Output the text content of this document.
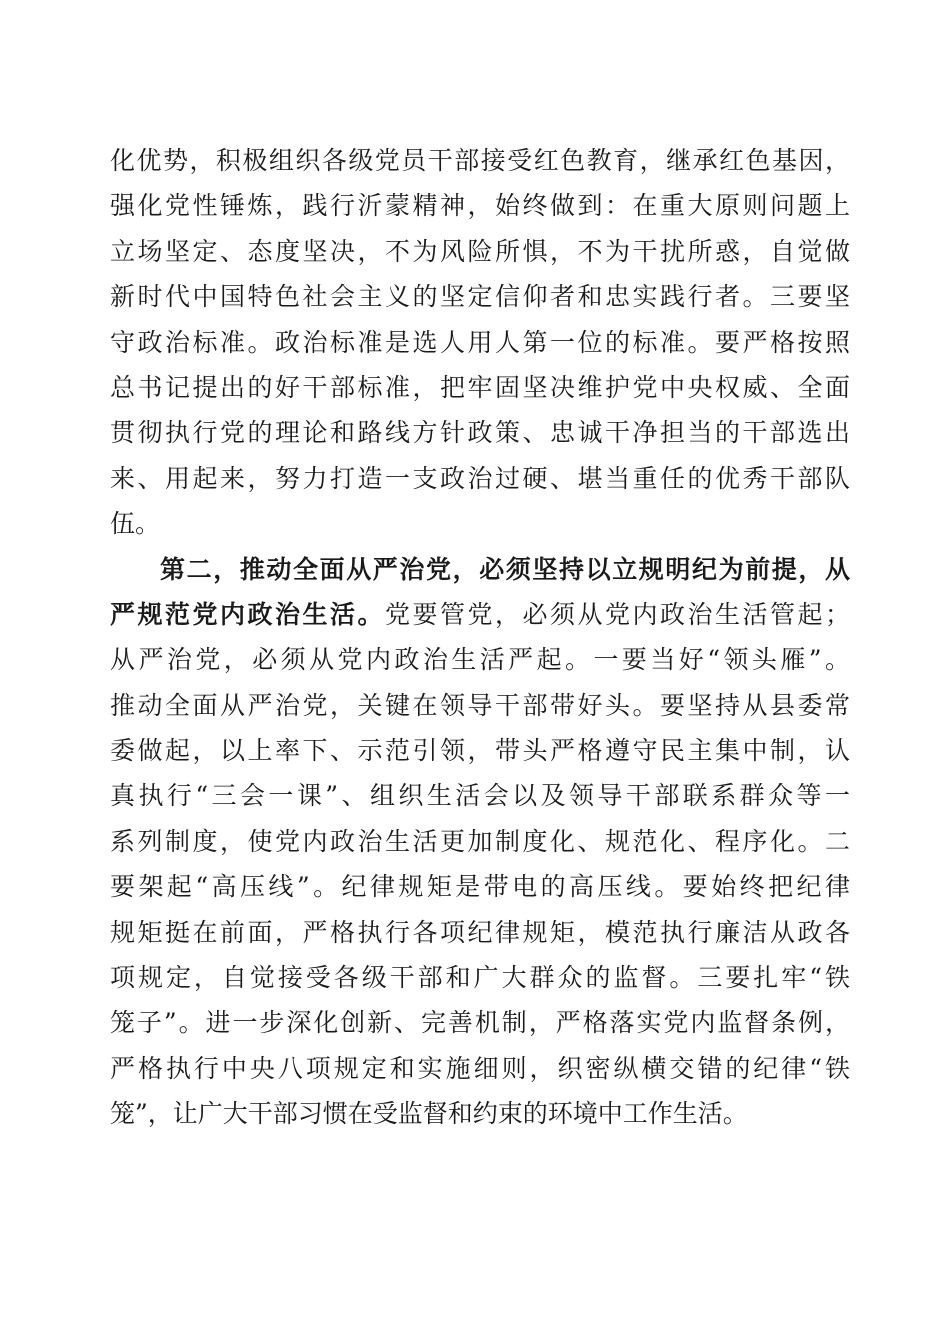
化优势，积极组织各级党员干部接受红色教育，继承红色基因，
强化党性锤炼，践行沂蒙精神，始终做到：在重大原则问题上
立场坚定、态度坚决，不为风险所惧，不为干扰所惑，自觉做
新时代中国特色社会主义的坚定信仰者和忠实践行者。三要坚
守政治标准。政治标准是选人用人第一位的标准。要严格按照
总书记提出的好干部标准，把牢固坚决维护党中央权威、全面
贯彻执行党的理论和路线方针政策、忠诚干净担当的干部选出
来、用起来，努力打造一支政治过硬、堪当重任的优秀干部队
伍。
第二，推动全面从严治党，必须坚持以立规明纪为前提，从
严规范党内政治生活。党要管党，必须从党内政治生活管起；
从严治党，必须从党内政治生活严起。一要当好“领头雁”。
推动全面从严治党，关键在领导干部带好头。要坚持从县委常
委做起，以上率下、示范引领，带头严格遵守民主集中制，认
真执行“三会一课”、组织生活会以及领导干部联系群众等一
系列制度，使党内政治生活更加制度化、规范化、程序化。二
要架起“高压线”。纪律规矩是带电的高压线。要始终把纪律
规矩挺在前面，严格执行各项纪律规矩，模范执行廉洁从政各
项规定，自觉接受各级干部和广大群众的监督。三要扎牢“铁
笼子”。进一步深化创新、完善机制，严格落实党内监督条例，
严格执行中央八项规定和实施细则，织密纵横交错的纪律“铁
笼”，让广大干部习惯在受监督和约束的环境中工作生活。
